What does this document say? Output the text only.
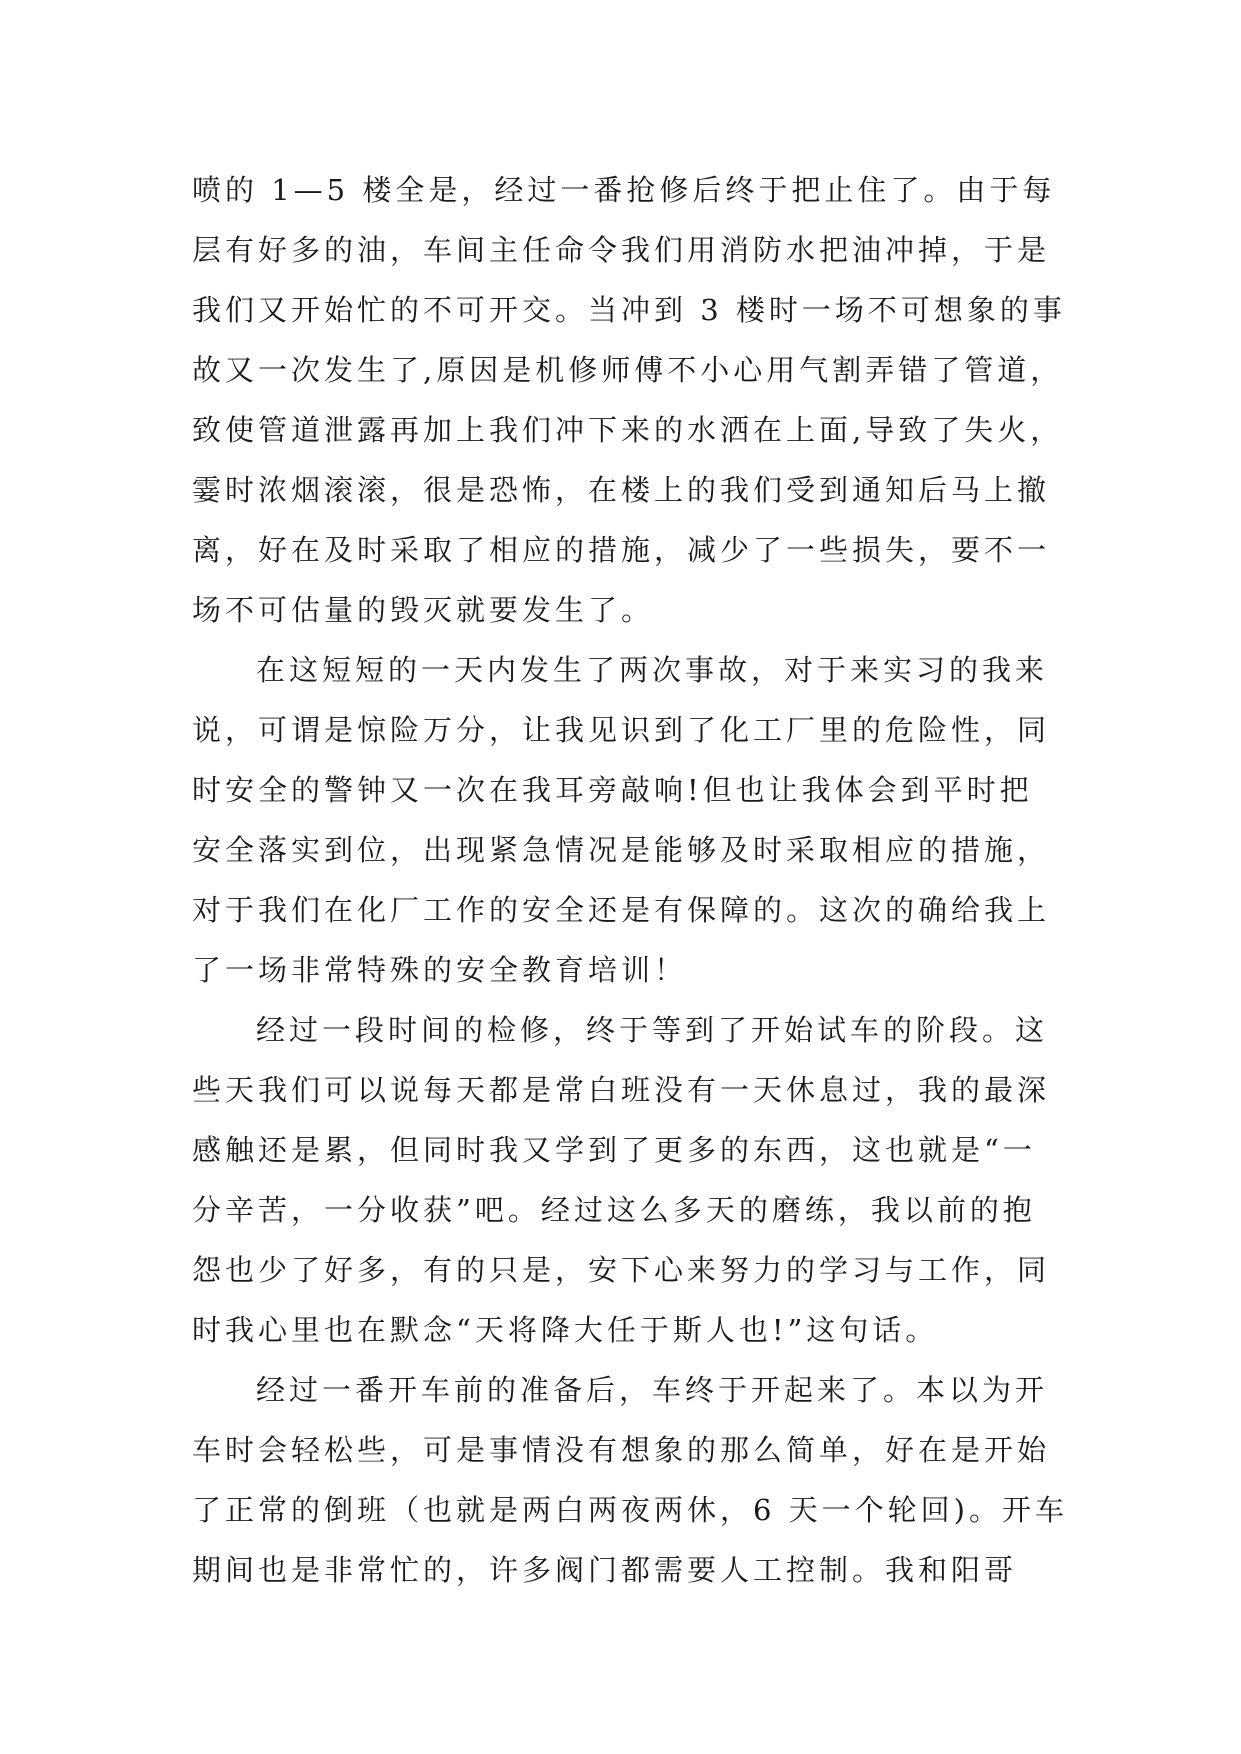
喷的 1—5 楼全是，经过一番抢修后终于把止住了。由于每
层有好多的油，车间主任命令我们用消防水把油冲掉，于是
我们又开始忙的不可开交。当冲到 3 楼时一场不可想象的事
故又一次发生了,原因是机修师傅不小心用气割弄错了管道，
致使管道泄露再加上我们冲下来的水洒在上面,导致了失火，
霎时浓烟滚滚，很是恐怖，在楼上的我们受到通知后马上撤
离，好在及时采取了相应的措施，减少了一些损失，要不一
场不可估量的毁灭就要发生了。
在这短短的一天内发生了两次事故，对于来实习的我来
说，可谓是惊险万分，让我见识到了化工厂里的危险性，同
时安全的警钟又一次在我耳旁敲响!但也让我体会到平时把
安全落实到位，出现紧急情况是能够及时采取相应的措施，
对于我们在化厂工作的安全还是有保障的。这次的确给我上
了一场非常特殊的安全教育培训！
经过一段时间的检修，终于等到了开始试车的阶段。这
些天我们可以说每天都是常白班没有一天休息过，我的最深
感触还是累，但同时我又学到了更多的东西，这也就是“一
分辛苦，一分收获”吧。经过这么多天的磨练，我以前的抱
怨也少了好多，有的只是，安下心来努力的学习与工作，同
时我心里也在默念“天将降大任于斯人也!”这句话。
经过一番开车前的准备后，车终于开起来了。本以为开
车时会轻松些，可是事情没有想象的那么简单，好在是开始
了正常的倒班（也就是两白两夜两休，6 天一个轮回)。开车
期间也是非常忙的，许多阀门都需要人工控制。我和阳哥
